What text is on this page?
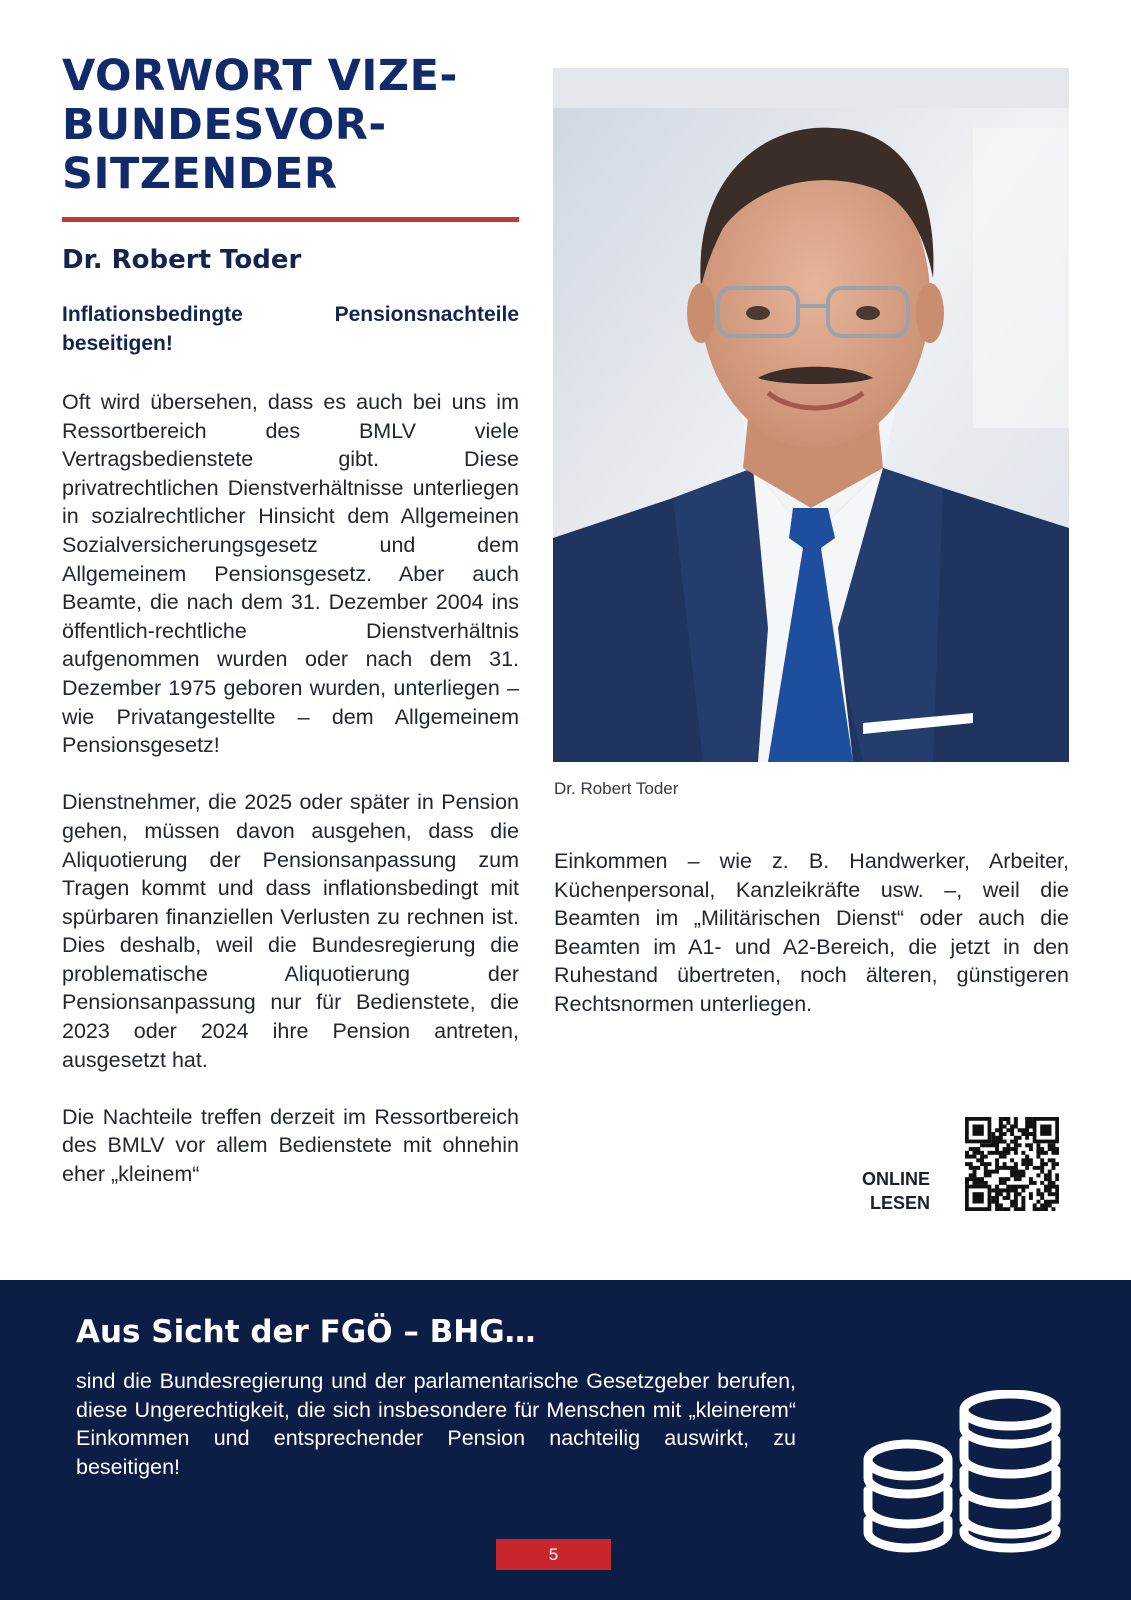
VORWORT VIZE-
BUNDESVOR-
SITZENDER
Dr. Robert Toder
Inflationsbedingte Pensionsnachteile beseitigen!

Oft wird übersehen, dass es auch bei uns im Ressortbereich des BMLV viele Vertragsbedienstete gibt. Diese privatrechtlichen Dienstverhältnisse unterliegen in sozialrechtlicher Hinsicht dem Allgemeinen Sozialversicherungsgesetz und dem Allgemeinem Pensionsgesetz. Aber auch Beamte, die nach dem 31. Dezember 2004 ins öffentlich-rechtliche Dienstverhältnis aufgenommen wurden oder nach dem 31. Dezember 1975 geboren wurden, unterliegen – wie Privatangestellte – dem Allgemeinem Pensionsgesetz!

Dienstnehmer, die 2025 oder später in Pension gehen, müssen davon ausgehen, dass die Aliquotierung der Pensionsanpassung zum Tragen kommt und dass inflationsbedingt mit spürbaren finanziellen Verlusten zu rechnen ist. Dies deshalb, weil die Bundesregierung die problematische Aliquotierung der Pensionsanpassung nur für Bedienstete, die 2023 oder 2024 ihre Pension antreten, ausgesetzt hat.

Die Nachteile treffen derzeit im Ressortbereich des BMLV vor allem Bedienstete mit ohnehin eher „kleinem“

Dr. Robert Toder
Einkommen – wie z. B. Handwerker, Arbeiter, Küchenpersonal, Kanzleikräfte usw. –, weil die Beamten im „Militärischen Dienst“ oder auch die Beamten im A1- und A2-Bereich, die jetzt in den Ruhestand übertreten, noch älteren, günstigeren Rechtsnormen unterliegen.
ONLINE
LESEN
Aus Sicht der FGÖ – BHG…
sind die Bundesregierung und der parlamentarische Gesetzgeber berufen, diese Ungerechtigkeit, die sich insbesondere für Menschen mit „kleinerem“ Einkommen und entsprechender Pension nachteilig auswirkt, zu beseitigen!
5
